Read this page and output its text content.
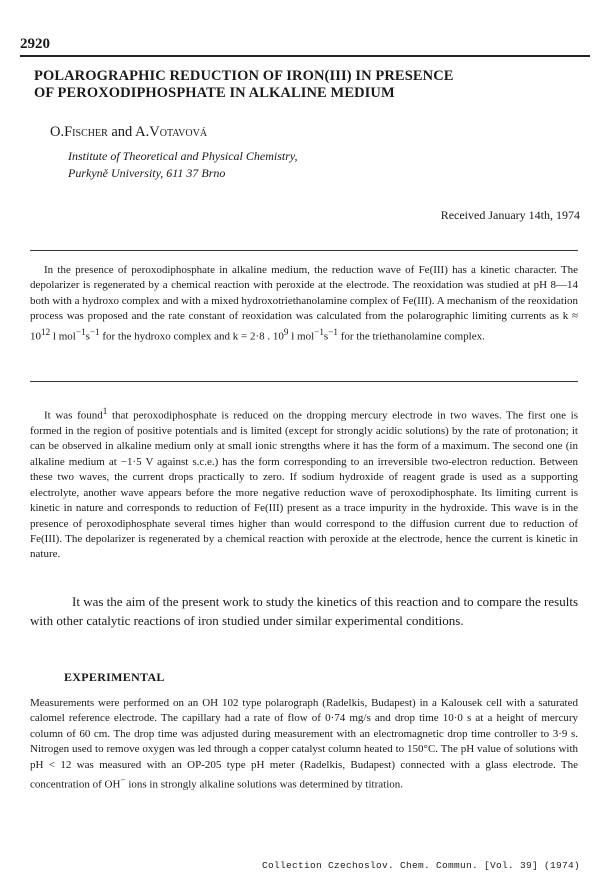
2920
POLAROGRAPHIC REDUCTION OF IRON(III) IN PRESENCE
OF PEROXODIPHOSPHATE IN ALKALINE MEDIUM
O.Fischer and A.Votavová
Institute of Theoretical and Physical Chemistry,
Purkyně University, 611 37 Brno
Received January 14th, 1974

In the presence of peroxodiphosphate in alkaline medium, the reduction wave of Fe(III) has a kinetic character. The depolarizer is regenerated by a chemical reaction with peroxide at the electrode. The reoxidation was studied at pH 8—14 both with a hydroxo complex and with a mixed hydroxotriethanolamine complex of Fe(III). A mechanism of the reoxidation process was proposed and the rate constant of reoxidation was calculated from the polarographic limiting currents as $k \approx 10^{12}$ l $mol^{-1}s^{-1}$ for the hydroxo complex and k = 2·8 . $10^9$ l $mol^{-1}s^{-1}$ for the triethanolamine complex.

It was found$^1$ that peroxodiphosphate is reduced on the dropping mercury electrode in two waves. The first one is formed in the region of positive potentials and is limited (except for strongly acidic solutions) by the rate of protonation; it can be observed in alkaline medium only at small ionic strengths where it has the form of a maximum. The second one (in alkaline medium at −1·5 V against s.c.e.) has the form corresponding to an irreversible two-electron reduction. Between these two waves, the current drops practically to zero. If sodium hydroxide of reagent grade is used as a supporting electrolyte, another wave appears before the more negative reduction wave of peroxodiphosphate. Its limiting current is kinetic in nature and corresponds to reduction of Fe(III) present as a trace impurity in the hydroxide. This wave is in the presence of peroxodiphosphate several times higher than would correspond to the diffusion current due to reduction of Fe(III). The depolarizer is regenerated by a chemical reaction with peroxide at the electrode, hence the current is kinetic in nature.

It was the aim of the present work to study the kinetics of this reaction and to compare the results with other catalytic reactions of iron studied under similar experimental conditions.
EXPERIMENTAL

Measurements were performed on an OH 102 type polarograph (Radelkis, Budapest) in a Kalousek cell with a saturated calomel reference electrode. The capillary had a rate of flow of 0·74 mg/s and drop time 10·0 s at a height of mercury column of 60 cm. The drop time was adjusted during measurement with an electromagnetic drop time controller to 3·9 s. Nitrogen used to remove oxygen was led through a copper catalyst column heated to 150°C. The pH value of solutions with pH < 12 was measured with an OP-205 type pH meter (Radelkis, Budapest) connected with a glass electrode. The concentration of OH− ions in strongly alkaline solutions was determined by titration.

Collection Czechoslov. Chem. Commun. [Vol. 39] (1974)
